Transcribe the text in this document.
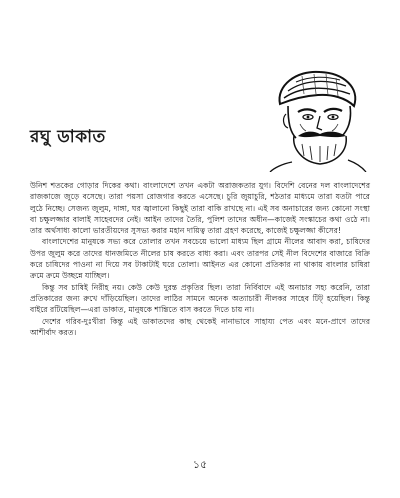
রঘু ডাকাত

উনিশ শতকের গোড়ার দিকের কথা। বাংলাদেশে তখন একটা অরাজকতার যুগ। বিদেশি বেনের দল বাংলাদেশের রাজকাজে জুড়ে বসেছে। তারা পয়সা রোজগার করতে এসেছে। চুরি জুয়াচুরি, শঠতার মাধ্যমে তারা যতটা পারে লুঠে নিচ্ছে। সেজন্য জুলুম, দাঙ্গা, ঘর জ্বালানো কিছুই তারা বাকি রাখছে না। এই সব অনাচারের জন্য কোনো সংস্থা বা চক্ষুলজ্জার বালাই সাহেবদের নেই। আইন তাদের তৈরি, পুলিশ তাদের অধীন—কাজেই সংস্কাচের কথা ওঠে না। তার অর্থসাধ্য কালো ভারতীয়দের সুসভ্য করার মহান দায়িত্ব তারা গ্রহণ করেছে, কাজেই চক্ষুলজ্জা কীসের!

বাংলাদেশের মানুষকে সভ্য করে তোলার তখন সবচেয়ে ভালো মাধ্যম ছিল গ্রামে নীলের আবাদ করা, চাষিদের উপর জুলুম করে তাদের ধানজমিতে নীলের চাষ করতে বাধ্য করা। এবং তারপর সেই নীল বিদেশের বাজারে বিক্রি করে চাষিদের পাওনা না দিয়ে সব টাকাটাই ঘরে তোলা। আইনত এর কোনো প্রতিকার না থাকায় বাংলার চাষিরা ক্রমে ক্রমে উচ্ছন্নে যাচ্ছিল।

কিন্তু সব চাষিই নিরীহ নয়। কেউ কেউ দুরন্ত প্রকৃতির ছিল। তারা নির্বিবাদে এই অনাচার সহ্য করেনি, তারা প্রতিকারের জন্য রুখে দাঁড়িয়েছিল। তাদের লাঠির সামনে অনেক অত্যাচারী নীলকর সাহেব টিট্ হয়েছিল। কিন্তু বাইরে রটিয়েছিল—এরা ডাকাত, মানুষকে শান্তিতে বাস করতে দিতে চায় না।

দেশের গরিব-দুঃখীরা কিন্তু এই ডাকাতদের কাছ থেকেই নানাভাবে সাহায্য পেত এবং মনে-প্রাণে তাদের আশীর্বাদ করত।

১৫
